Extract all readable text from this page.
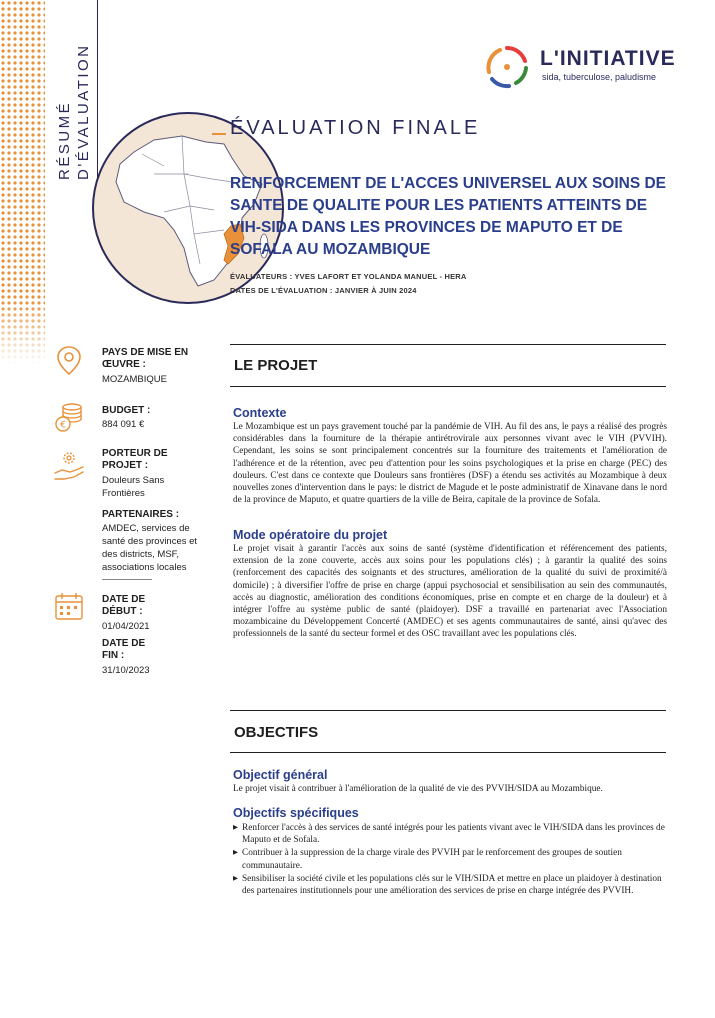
RÉSUMÉ D'ÉVALUATION	L'INITIATIVE
sida, tuberculose, paludisme
ÉVALUATION FINALE
RENFORCEMENT DE L'ACCES UNIVERSEL AUX SOINS DE SANTE DE QUALITE POUR LES PATIENTS ATTEINTS DE VIH-SIDA DANS LES PROVINCES DE MAPUTO ET DE SOFALA AU MOZAMBIQUE
ÉVALUATEURS : YVES LAFORT ET YOLANDA MANUEL - HERA
DATES DE L'ÉVALUATION : JANVIER À JUIN 2024
PAYS DE MISE EN ŒUVRE :
MOZAMBIQUE
€
BUDGET :
884 091 €
PORTEUR DE PROJET :
Douleurs Sans Frontières
PARTENAIRES :
AMDEC, services de santé des provinces et des districts, MSF, associations locales
DATE DE DÉBUT :
01/04/2021
DATE DE FIN :
31/10/2023
LE PROJET
Contexte
Le Mozambique est un pays gravement touché par la pandémie de VIH. Au fil des ans, le pays a réalisé des progrès considérables dans la fourniture de la thérapie antirétrovirale aux personnes vivant avec le VIH (PVVIH). Cependant, les soins se sont principalement concentrés sur la fourniture des traitements et l'amélioration de l'adhérence et de la rétention, avec peu d'attention pour les soins psychologiques et la prise en charge (PEC) des douleurs. C'est dans ce contexte que Douleurs sans frontières (DSF) a étendu ses activités au Mozambique à deux nouvelles zones d'intervention dans le pays: le district de Magude et le poste administratif de Xinavane dans le nord de la province de Maputo, et quatre quartiers de la ville de Beira, capitale de la province de Sofala.
Mode opératoire du projet
Le projet visait à garantir l'accès aux soins de santé (système d'identification et référencement des patients, extension de la zone couverte, accès aux soins pour les populations clés) ; à garantir la qualité des soins (renforcement des capacités des soignants et des structures, amélioration de la qualité du suivi de proximité/à domicile) ; à diversifier l'offre de prise en charge (appui psychosocial et sensibilisation au sein des communautés, accès au diagnostic, amélioration des conditions économiques, prise en compte et en charge de la douleur) et à intégrer l'offre au système public de santé (plaidoyer). DSF a travaillé en partenariat avec l'Association mozambicaine du Développement Concerté (AMDEC) et ses agents communautaires de santé, ainsi qu'avec des professionnels de la santé du secteur formel et des OSC travaillant avec les populations clés.
OBJECTIFS
Objectif général
Le projet visait à contribuer à l'amélioration de la qualité de vie des PVVIH/SIDA au Mozambique.
Objectifs spécifiques
▶ Renforcer l'accès à des services de santé intégrés pour les patients vivant avec le VIH/SIDA dans les provinces de Maputo et de Sofala.
▶ Contribuer à la suppression de la charge virale des PVVIH par le renforcement des groupes de soutien communautaire.
▶ Sensibiliser la société civile et les populations clés sur le VIH/SIDA et mettre en place un plaidoyer à destination des partenaires institutionnels pour une amélioration des services de prise en charge intégrée des PVVIH.
